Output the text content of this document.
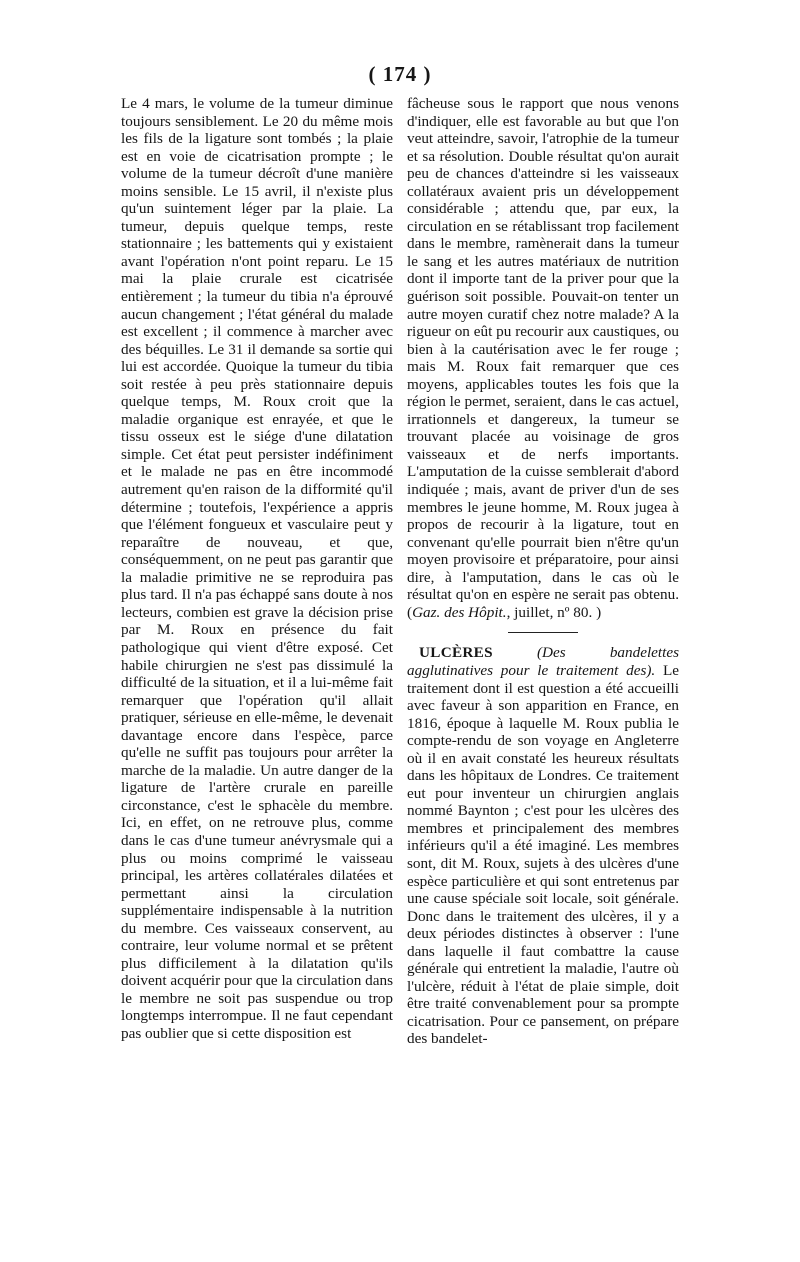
( 174 )

Le 4 mars, le volume de la tumeur diminue toujours sensiblement. Le 20 du même mois les fils de la ligature sont tombés ; la plaie est en voie de cicatrisation prompte ; le volume de la tumeur décroît d'une manière moins sensible. Le 15 avril, il n'existe plus qu'un suintement léger par la plaie. La tumeur, depuis quelque temps, reste stationnaire ; les battements qui y existaient avant l'opération n'ont point reparu. Le 15 mai la plaie crurale est cicatrisée entièrement ; la tumeur du tibia n'a éprouvé aucun changement ; l'état général du malade est excellent ; il commence à marcher avec des béquilles. Le 31 il demande sa sortie qui lui est accordée. Quoique la tumeur du tibia soit restée à peu près stationnaire depuis quelque temps, M. Roux croit que la maladie organique est enrayée, et que le tissu osseux est le siége d'une dilatation simple. Cet état peut persister indéfiniment et le malade ne pas en être incommodé autrement qu'en raison de la difformité qu'il détermine ; toutefois, l'expérience a appris que l'élément fongueux et vasculaire peut y reparaître de nouveau, et que, conséquemment, on ne peut pas garantir que la maladie primitive ne se reproduira pas plus tard. Il n'a pas échappé sans doute à nos lecteurs, combien est grave la décision prise par M. Roux en présence du fait pathologique qui vient d'être exposé. Cet habile chirurgien ne s'est pas dissimulé la difficulté de la situation, et il a lui-même fait remarquer que l'opération qu'il allait pratiquer, sérieuse en elle-même, le devenait davantage encore dans l'espèce, parce qu'elle ne suffit pas toujours pour arrêter la marche de la maladie. Un autre danger de la ligature de l'artère crurale en pareille circonstance, c'est le sphacèle du membre. Ici, en effet, on ne retrouve plus, comme dans le cas d'une tumeur anévrysmale qui a plus ou moins comprimé le vaisseau principal, les artères collatérales dilatées et permettant ainsi la circulation supplémentaire indispensable à la nutrition du membre. Ces vaisseaux conservent, au contraire, leur volume normal et se prêtent plus difficilement à la dilatation qu'ils doivent acquérir pour que la circulation dans le membre ne soit pas suspendue ou trop longtemps interrompue. Il ne faut cependant pas oublier que si cette disposition est

fâcheuse sous le rapport que nous venons d'indiquer, elle est favorable au but que l'on veut atteindre, savoir, l'atrophie de la tumeur et sa résolution. Double résultat qu'on aurait peu de chances d'atteindre si les vaisseaux collatéraux avaient pris un développement considérable ; attendu que, par eux, la circulation en se rétablissant trop facilement dans le membre, ramènerait dans la tumeur le sang et les autres matériaux de nutrition dont il importe tant de la priver pour que la guérison soit possible. Pouvait-on tenter un autre moyen curatif chez notre malade? A la rigueur on eût pu recourir aux caustiques, ou bien à la cautérisation avec le fer rouge ; mais M. Roux fait remarquer que ces moyens, applicables toutes les fois que la région le permet, seraient, dans le cas actuel, irrationnels et dangereux, la tumeur se trouvant placée au voisinage de gros vaisseaux et de nerfs importants. L'amputation de la cuisse semblerait d'abord indiquée ; mais, avant de priver d'un de ses membres le jeune homme, M. Roux jugea à propos de recourir à la ligature, tout en convenant qu'elle pourrait bien n'être qu'un moyen provisoire et préparatoire, pour ainsi dire, à l'amputation, dans le cas où le résultat qu'on en espère ne serait pas obtenu. (Gaz. des Hôpit., juillet, nº 80. )

ULCÈRES	(Des bandelettes agglutinatives pour le traitement des). Le traitement dont il est question a été accueilli avec faveur à son apparition en France, en 1816, époque à laquelle M. Roux publia le compte-rendu de son voyage en Angleterre où il en avait constaté les heureux résultats dans les hôpitaux de Londres. Ce traitement eut pour inventeur un chirurgien anglais nommé Baynton ; c'est pour les ulcères des membres et principalement des membres inférieurs qu'il a été imaginé. Les membres sont, dit M. Roux, sujets à des ulcères d'une espèce particulière et qui sont entretenus par une cause spéciale soit locale, soit générale. Donc dans le traitement des ulcères, il y a deux périodes distinctes à observer : l'une dans laquelle il faut combattre la cause générale qui entretient la maladie, l'autre où l'ulcère, réduit à l'état de plaie simple, doit être traité convenablement pour sa prompte cicatrisation. Pour ce pansement, on prépare des bandelet-
